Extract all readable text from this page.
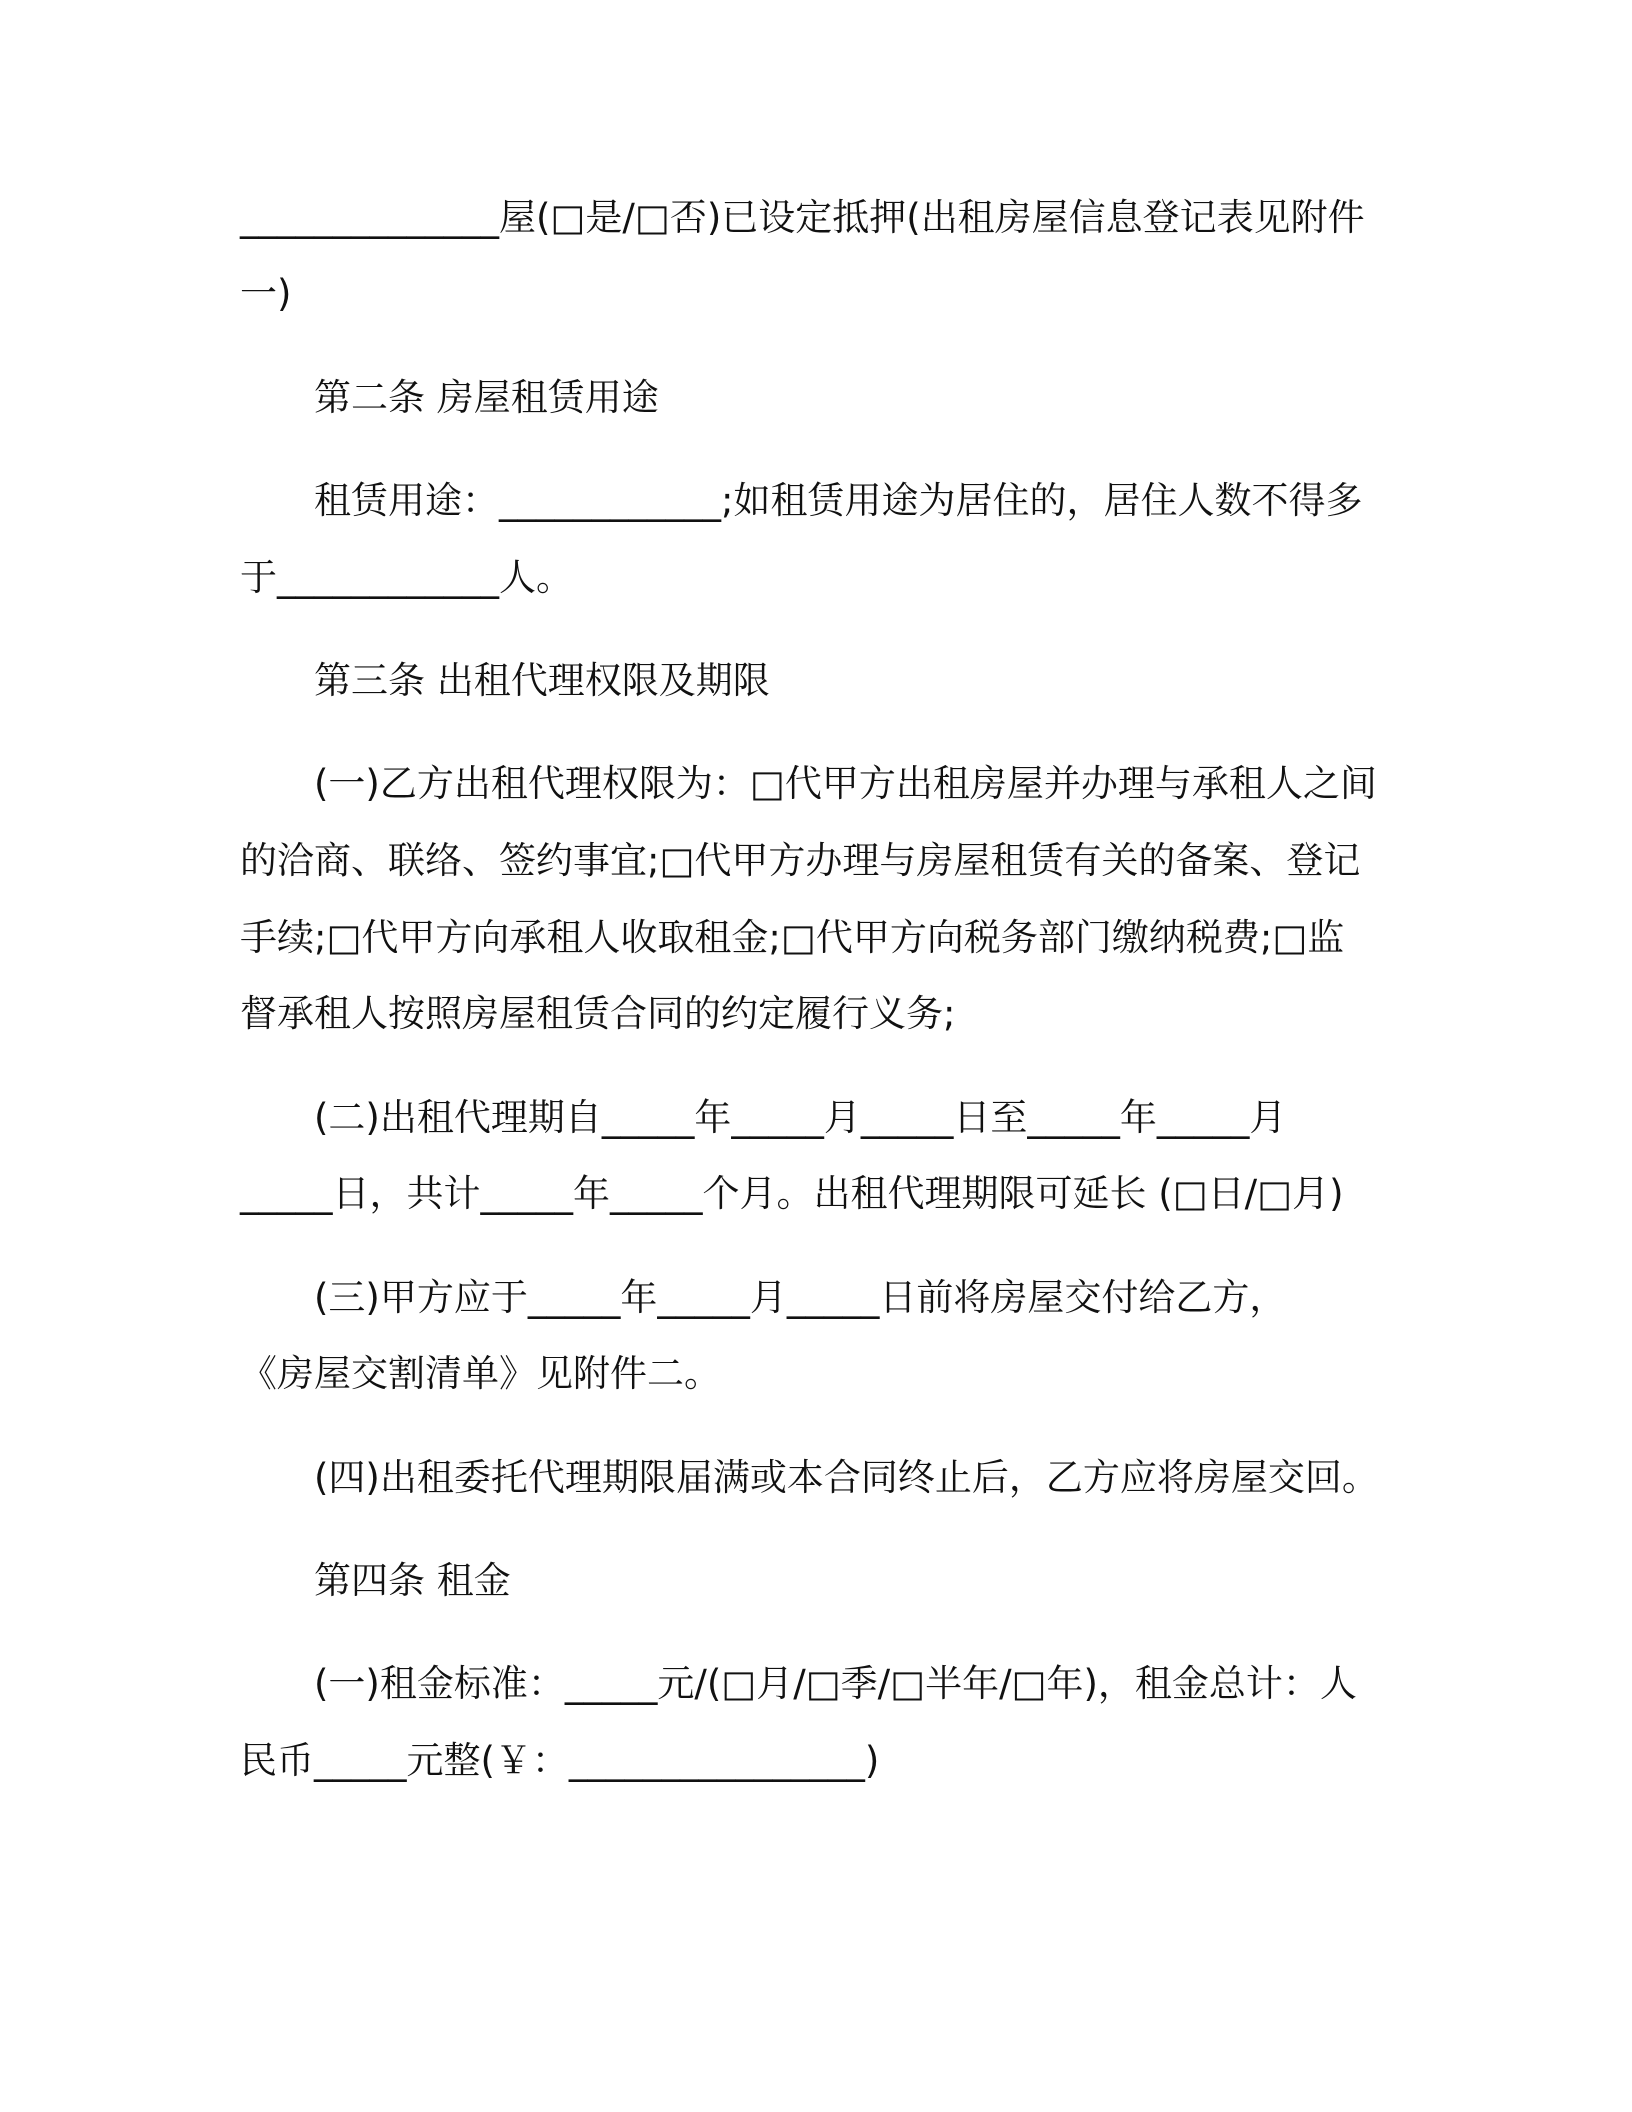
______________屋(□是/□否)已设定抵押(出租房屋信息登记表见附件

一)

第二条 房屋租赁用途

租赁用途：____________;如租赁用途为居住的，居住人数不得多

于____________人。

第三条 出租代理权限及期限

(一)乙方出租代理权限为：□代甲方出租房屋并办理与承租人之间

的洽商、联络、签约事宜;□代甲方办理与房屋租赁有关的备案、登记

手续;□代甲方向承租人收取租金;□代甲方向税务部门缴纳税费;□监

督承租人按照房屋租赁合同的约定履行义务;

(二)出租代理期自_____年_____月_____日至_____年_____月

_____日，共计_____年_____个月。出租代理期限可延长 (□日/□月)

(三)甲方应于_____年_____月_____日前将房屋交付给乙方，

《房屋交割清单》见附件二。

(四)出租委托代理期限届满或本合同终止后，乙方应将房屋交回。

第四条 租金

(一)租金标准：_____元/(□月/□季/□半年/□年)，租金总计：人

民币_____元整(￥：________________)
